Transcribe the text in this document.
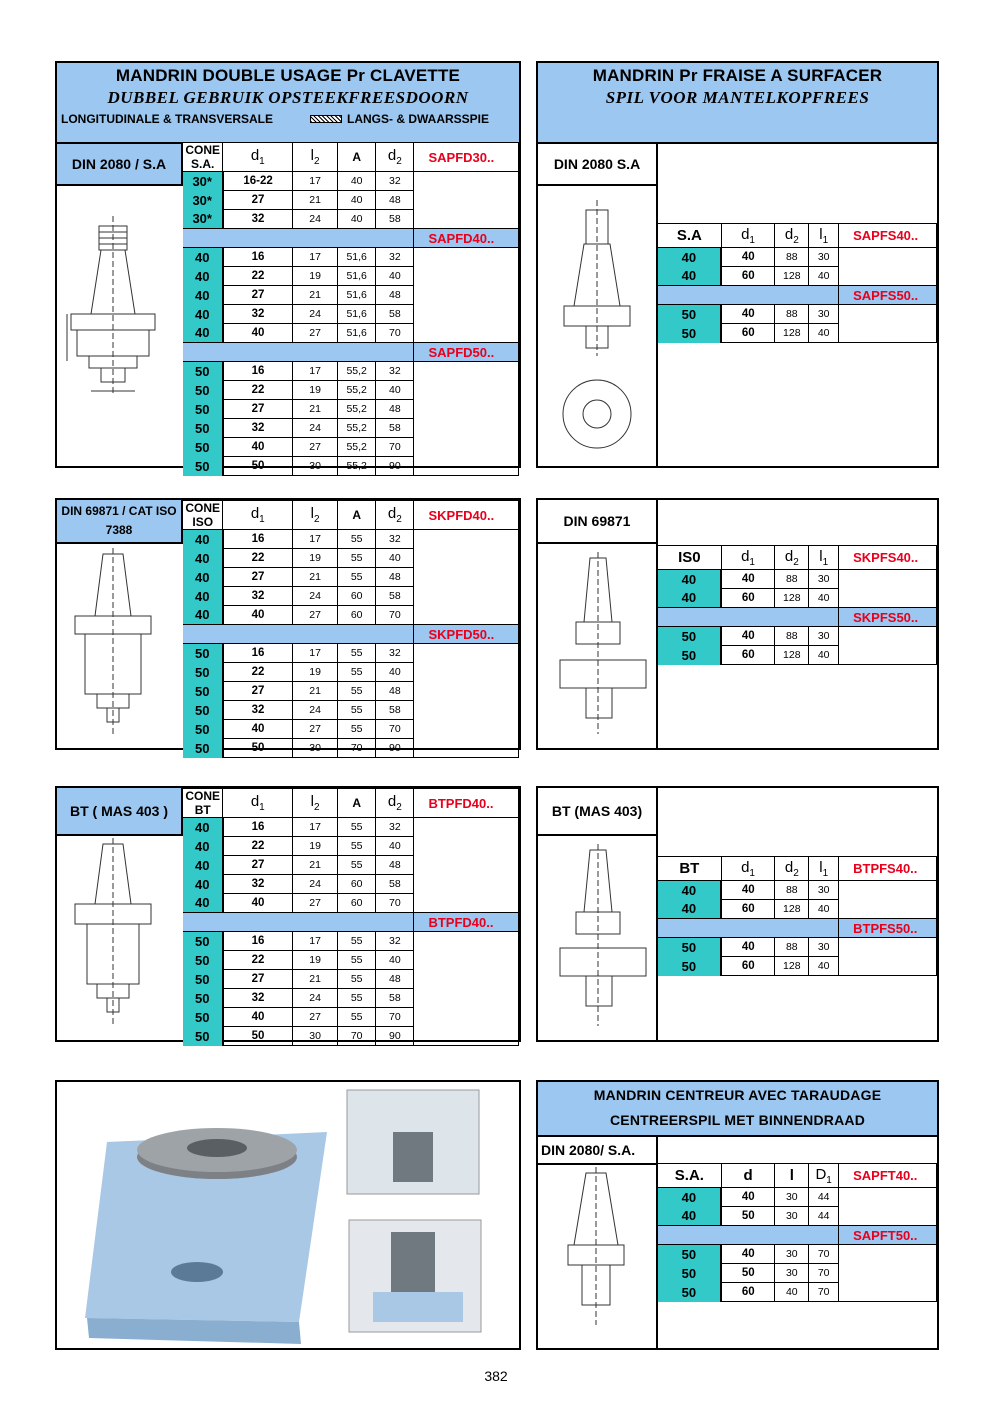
MANDRIN DOUBLE USAGE Pr CLAVETTE
DUBBEL GEBRUIK OPSTEEKFREESDOORN
LONGITUDINALE & TRANSVERSALE	LANGS- & DWAARSSPIE
DIN 2080 / S.A
CONE S.A.	$d_1$	$l_2$	A	$d_2$	SAPFD30..
30*	16-22	17	40	32	
30*	27	21	40	48	
30*	32	24	40	58	
					SAPFD40..
40	16	17	51,6	32	
40	22	19	51,6	40	
40	27	21	51,6	48	
40	32	24	51,6	58	
40	40	27	51,6	70	
					SAPFD50..
50	16	17	55,2	32	
50	22	19	55,2	40	
50	27	21	55,2	48	
50	32	24	55,2	58	
50	40	27	55,2	70	
50	50	30	55,2	90	
MANDRIN Pr FRAISE A SURFACER
SPIL VOOR MANTELKOPFREES
DIN 2080 S.A
S.A	$d_1$	$d_2$	$l_1$	SAPFS40..
40	40	88	30	
40	60	128	40	
				SAPFS50..
50	40	88	30	
50	60	128	40	
DIN 69871 / CAT ISO 7388
CONE ISO	$d_1$	$l_2$	A	$d_2$	SKPFD40..
40	16	17	55	32	
40	22	19	55	40	
40	27	21	55	48	
40	32	24	60	58	
40	40	27	60	70	
					SKPFD50..
50	16	17	55	32	
50	22	19	55	40	
50	27	21	55	48	
50	32	24	55	58	
50	40	27	55	70	
50	50	30	70	90	
DIN 69871
IS0	$d_1$	$d_2$	$l_1$	SKPFS40..
40	40	88	30	
40	60	128	40	
				SKPFS50..
50	40	88	30	
50	60	128	40	
BT ( MAS 403 )
CONE BT	$d_1$	$l_2$	A	$d_2$	BTPFD40..
40	16	17	55	32	
40	22	19	55	40	
40	27	21	55	48	
40	32	24	60	58	
40	40	27	60	70	
					BTPFD40..
50	16	17	55	32	
50	22	19	55	40	
50	27	21	55	48	
50	32	24	55	58	
50	40	27	55	70	
50	50	30	70	90	
BT (MAS 403)
BT	$d_1$	$d_2$	$l_1$	BTPFS40..
40	40	88	30	
40	60	128	40	
				BTPFS50..
50	40	88	30	
50	60	128	40	
MANDRIN CENTREUR AVEC TARAUDAGE
CENTREERSPIL MET BINNENDRAAD
DIN 2080/ S.A.
S.A.	d	l	$D_1$	SAPFT40..
40	40	30	44	
40	50	30	44	
				SAPFT50..
50	40	30	70	
50	50	30	70	
50	60	40	70	
382
